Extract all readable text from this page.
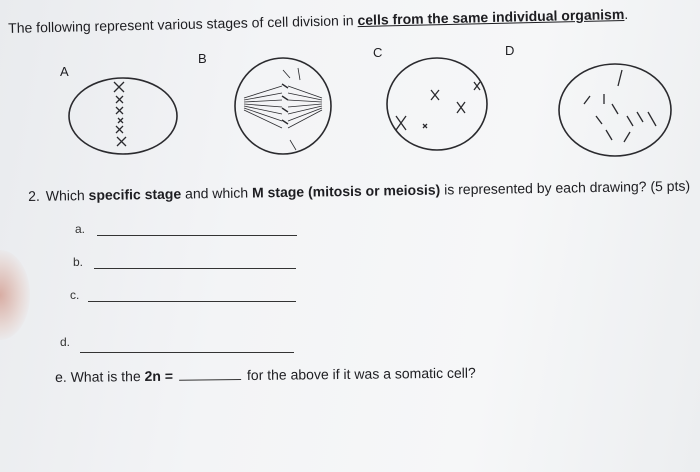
The following represent various stages of cell division in cells from the same individual organism.
A
B	C	D
2. Which specific stage and which M stage (mitosis or meiosis) is represented by each drawing? (5 pts)
a.
b.
c.
d.
e. What is the 2n =	for the above if it was a somatic cell?
